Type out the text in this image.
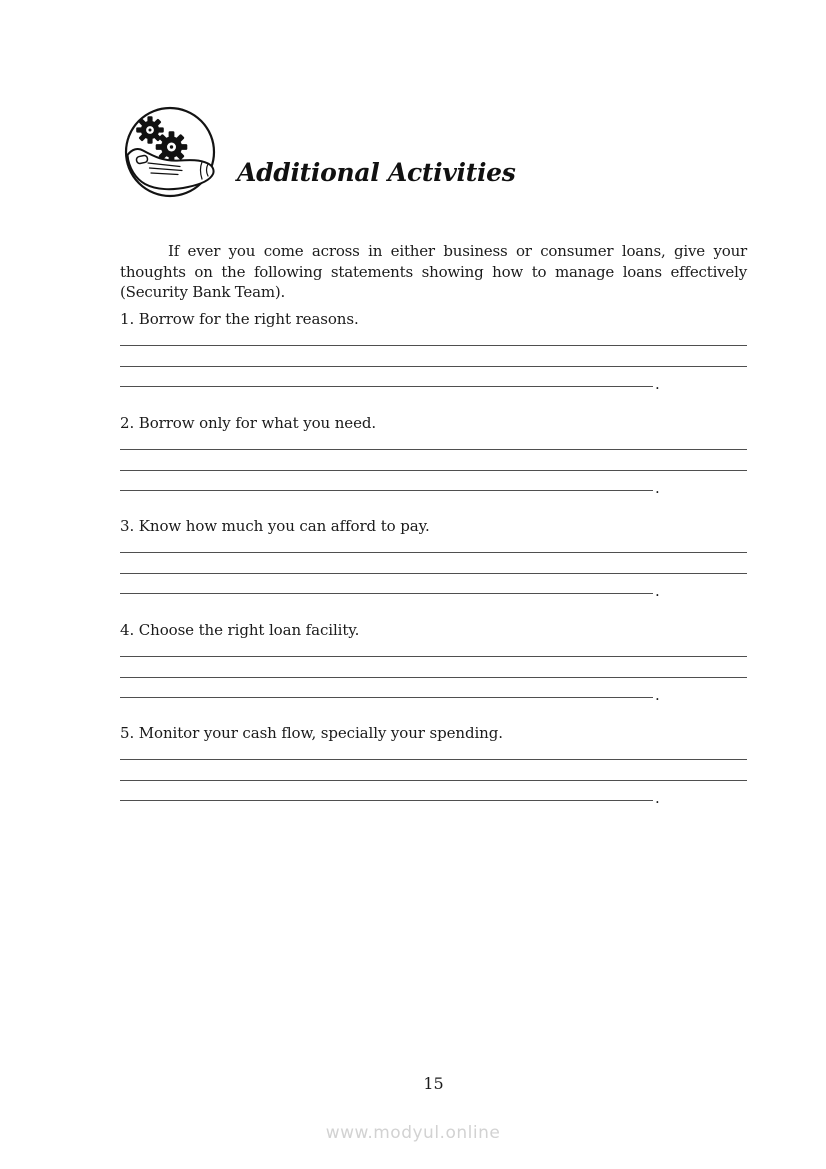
Additional Activities

If ever you come across in either business or consumer loans, give your thoughts on the following statements showing how to manage loans effectively (Security Bank Team).

1. Borrow for the right reasons.
.
2. Borrow only for what you need.
.
3. Know how much you can afford to pay.
.
4. Choose the right loan facility.
.
5. Monitor your cash flow, specially your spending.
.
15
www.modyul.online
